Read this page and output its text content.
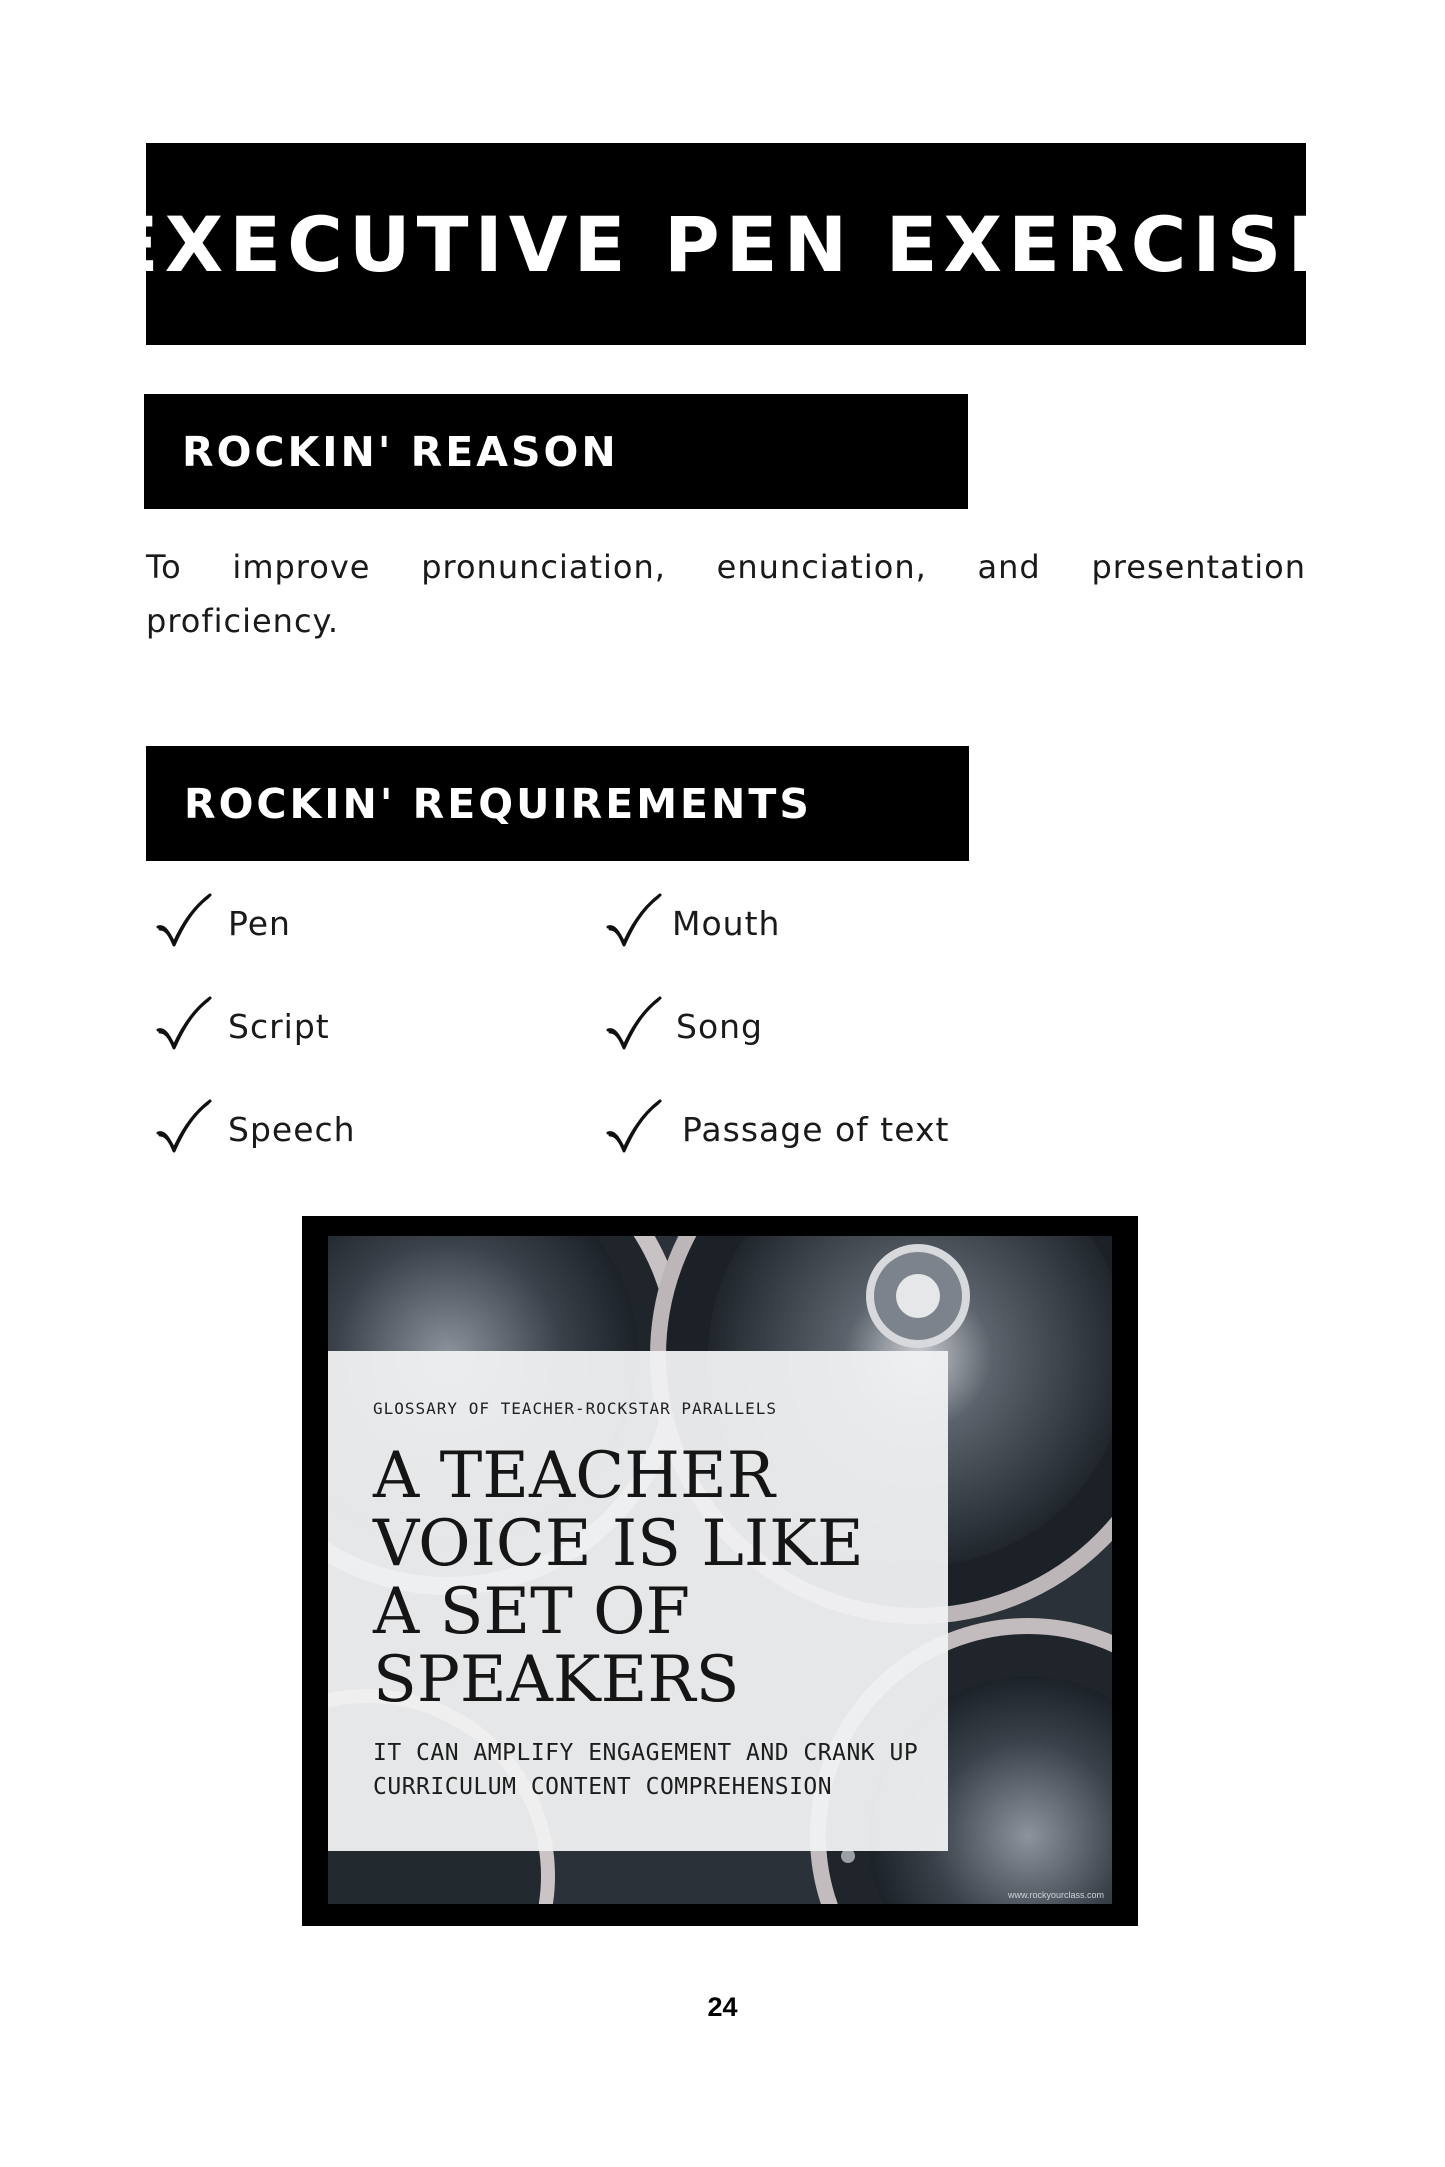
EXECUTIVE PEN EXERCISE
ROCKIN' REASON
To improve pronunciation, enunciation, and presentation proficiency.
ROCKIN' REQUIREMENTS
Pen
Script
Speech
Mouth
Song
Passage of text
GLOSSARY OF TEACHER-ROCKSTAR PARALLELS
A TEACHER VOICE IS LIKE A SET OF SPEAKERS
IT CAN AMPLIFY ENGAGEMENT AND CRANK UP CURRICULUM CONTENT COMPREHENSION
www.rockyourclass.com
24
